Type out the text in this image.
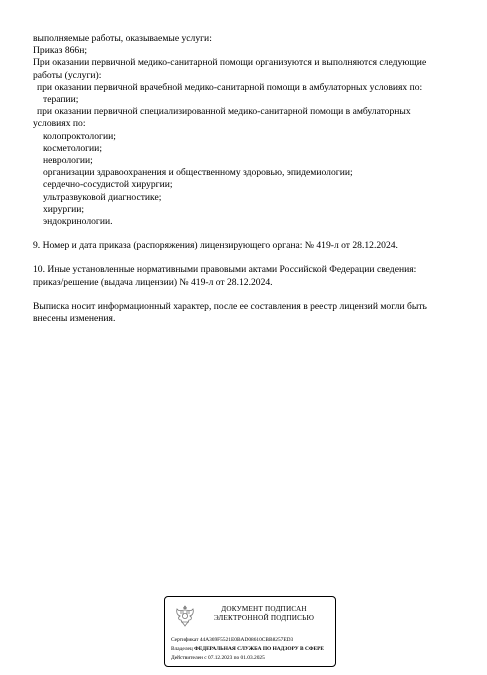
выполняемые работы, оказываемые услуги:
Приказ 866н;
При оказании первичной медико-санитарной помощи организуются и выполняются следующие
работы (услуги):
при оказании первичной врачебной медико-санитарной помощи в амбулаторных условиях по:
терапии;
при оказании первичной специализированной медико-санитарной помощи в амбулаторных
условиях по:
колопроктологии;
косметологии;
неврологии;
организации здравоохранения и общественному здоровью, эпидемиологии;
сердечно-сосудистой хирургии;
ультразвуковой диагностике;
хирургии;
эндокринологии.
9. Номер и дата приказа (распоряжения) лицензирующего органа: № 419-л от 28.12.2024.
10. Иные установленные нормативными правовыми актами Российской Федерации сведения:
приказ/решение (выдача лицензии) № 419-л от 28.12.2024.
Выписка носит информационный характер, после ее составления в реестр лицензий могли быть
внесены изменения.
ДОКУМЕНТ ПОДПИСАН
ЭЛЕКТРОННОЙ ПОДПИСЬЮ
Сертификат 44A369F5521E0BAD08610CBB8257ED3
Владелец ФЕДЕРАЛЬНАЯ СЛУЖБА ПО НАДЗОРУ В СФЕРЕ
Действителен с 07.12.2023 по 01.03.2025
